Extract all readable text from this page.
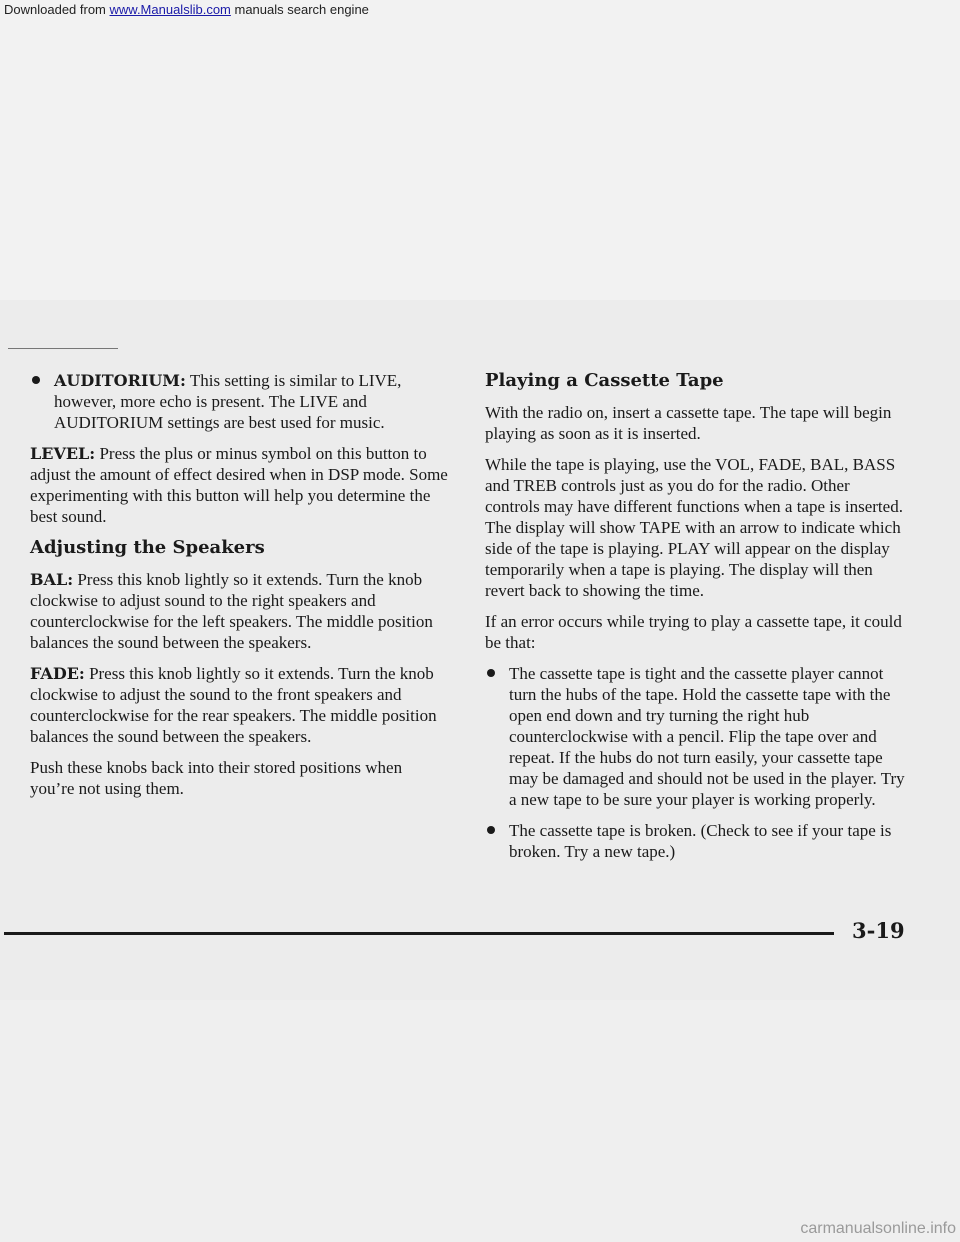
AUDITORIUM: This setting is similar to LIVE, however, more echo is present. The LIVE and AUDITORIUM settings are best used for music.

LEVEL: Press the plus or minus symbol on this button to adjust the amount of effect desired when in DSP mode. Some experimenting with this button will help you determine the best sound.

Adjusting the Speakers

BAL: Press this knob lightly so it extends. Turn the knob clockwise to adjust sound to the right speakers and counterclockwise for the left speakers. The middle position balances the sound between the speakers.

FADE: Press this knob lightly so it extends. Turn the knob clockwise to adjust the sound to the front speakers and counterclockwise for the rear speakers. The middle position balances the sound between the speakers.

Push these knobs back into their stored positions when you’re not using them.

Playing a Cassette Tape

With the radio on, insert a cassette tape. The tape will begin playing as soon as it is inserted.

While the tape is playing, use the VOL, FADE, BAL, BASS and TREB controls just as you do for the radio. Other controls may have different functions when a tape is inserted. The display will show TAPE with an arrow to indicate which side of the tape is playing. PLAY will appear on the display temporarily when a tape is playing. The display will then revert back to showing the time.

If an error occurs while trying to play a cassette tape, it could be that:

The cassette tape is tight and the cassette player cannot turn the hubs of the tape. Hold the cassette tape with the open end down and try turning the right hub counterclockwise with a pencil. Flip the tape over and repeat. If the hubs do not turn easily, your cassette tape may be damaged and should not be used in the player. Try a new tape to be sure your player is working properly.
The cassette tape is broken. (Check to see if your tape is broken. Try a new tape.)
3-19
Downloaded from www.Manualslib.com manuals search engine
carmanualsonline.info
